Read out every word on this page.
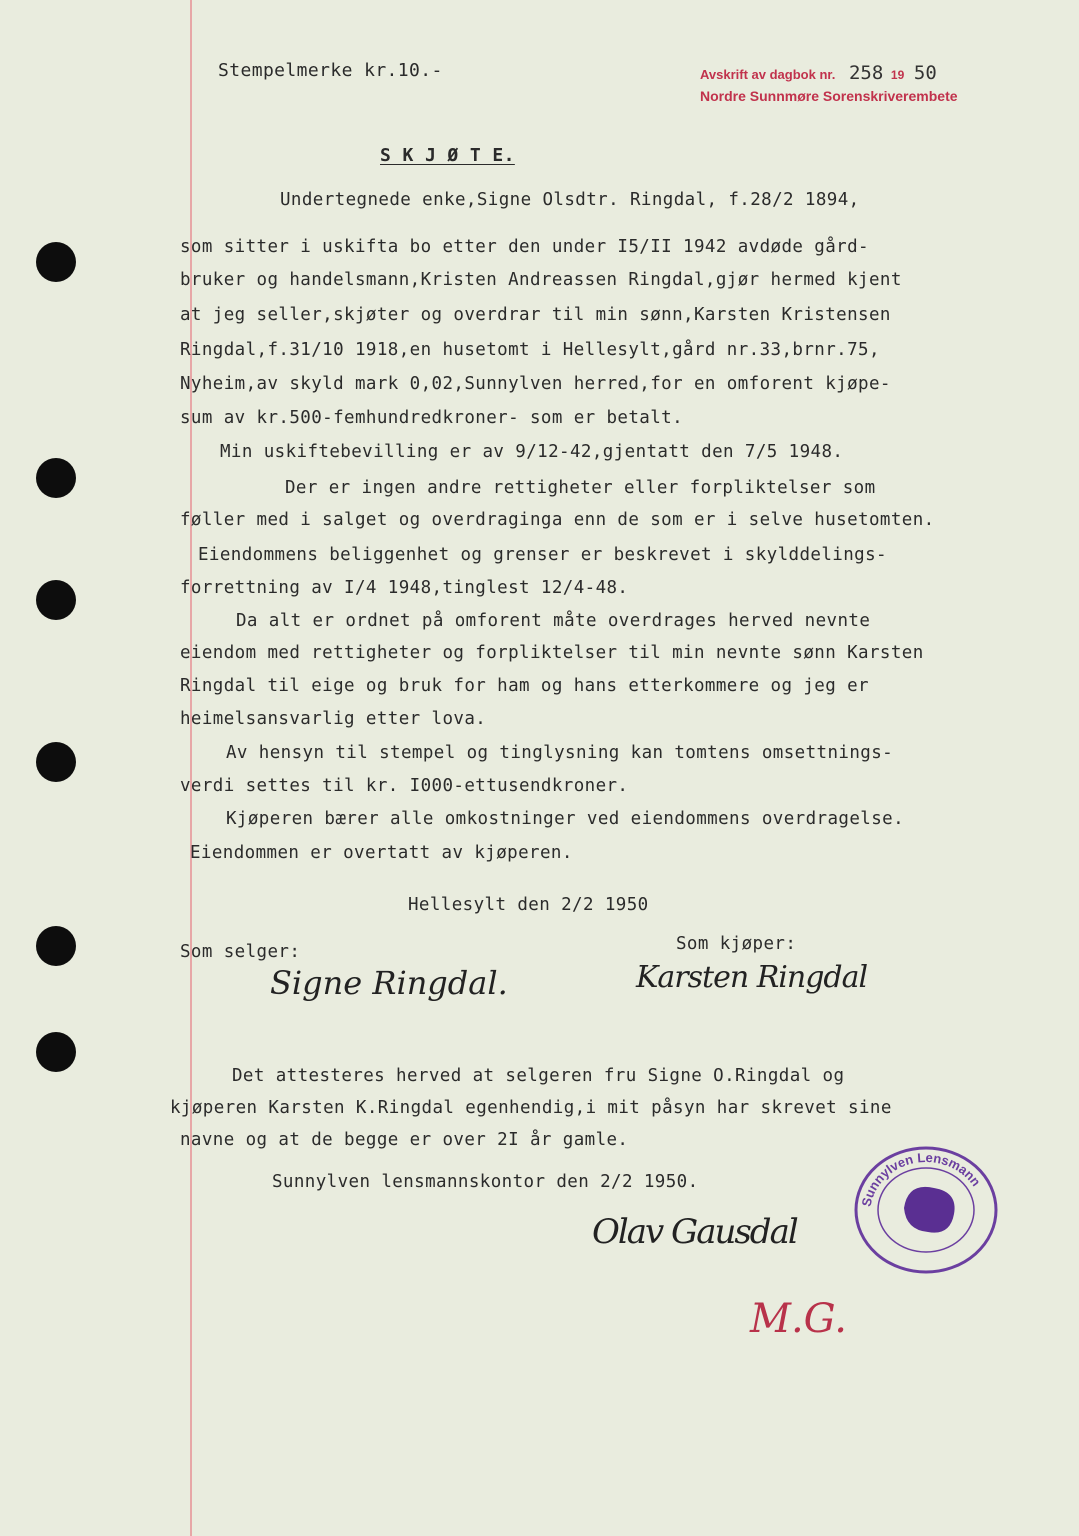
Stempelmerke kr.10.-	Avskrift av dagbok nr. 258 19 50
Nordre Sunnmøre Sorenskriverembete
S K J Ø T E.
Undertegnede enke,Signe Olsdtr. Ringdal, f.28/2 1894,
som sitter i uskifta bo etter den under I5/II 1942 avdøde gård-
bruker og handelsmann,Kristen Andreassen Ringdal,gjør hermed kjent
at jeg seller,skjøter og overdrar til min sønn,Karsten Kristensen
Ringdal,f.31/10 1918,en husetomt i Hellesylt,gård nr.33,brnr.75,
Nyheim,av skyld mark 0,02,Sunnylven herred,for en omforent kjøpe-
sum av kr.500-femhundredkroner- som er betalt.
Min uskiftebevilling er av 9/12-42,gjentatt den 7/5 1948.
Der er ingen andre rettigheter eller forpliktelser som
føller med i salget og overdraginga enn de som er i selve husetomten.
Eiendommens beliggenhet og grenser er beskrevet i skylddelings-
forrettning av I/4 1948,tinglest 12/4-48.
Da alt er ordnet på omforent måte overdrages herved nevnte
eiendom med rettigheter og forpliktelser til min nevnte sønn Karsten
Ringdal til eige og bruk for ham og hans etterkommere og jeg er
heimelsansvarlig etter lova.
Av hensyn til stempel og tinglysning kan tomtens omsettnings-
verdi settes til kr. I000-ettusendkroner.
Kjøperen bærer alle omkostninger ved eiendommens overdragelse.
Eiendommen er overtatt av kjøperen.
Hellesylt den 2/2 1950
Som selger:	Som kjøper:
Signe Ringdal.	Karsten Ringdal
Det attesteres herved at selgeren fru Signe O.Ringdal og
kjøperen Karsten K.Ringdal egenhendig,i mit påsyn har skrevet sine
navne og at de begge er over 2I år gamle.
Sunnylven lensmannskontor den 2/2 1950.
Olav Gausdal
M.G.
Sunnylven Lensmann
